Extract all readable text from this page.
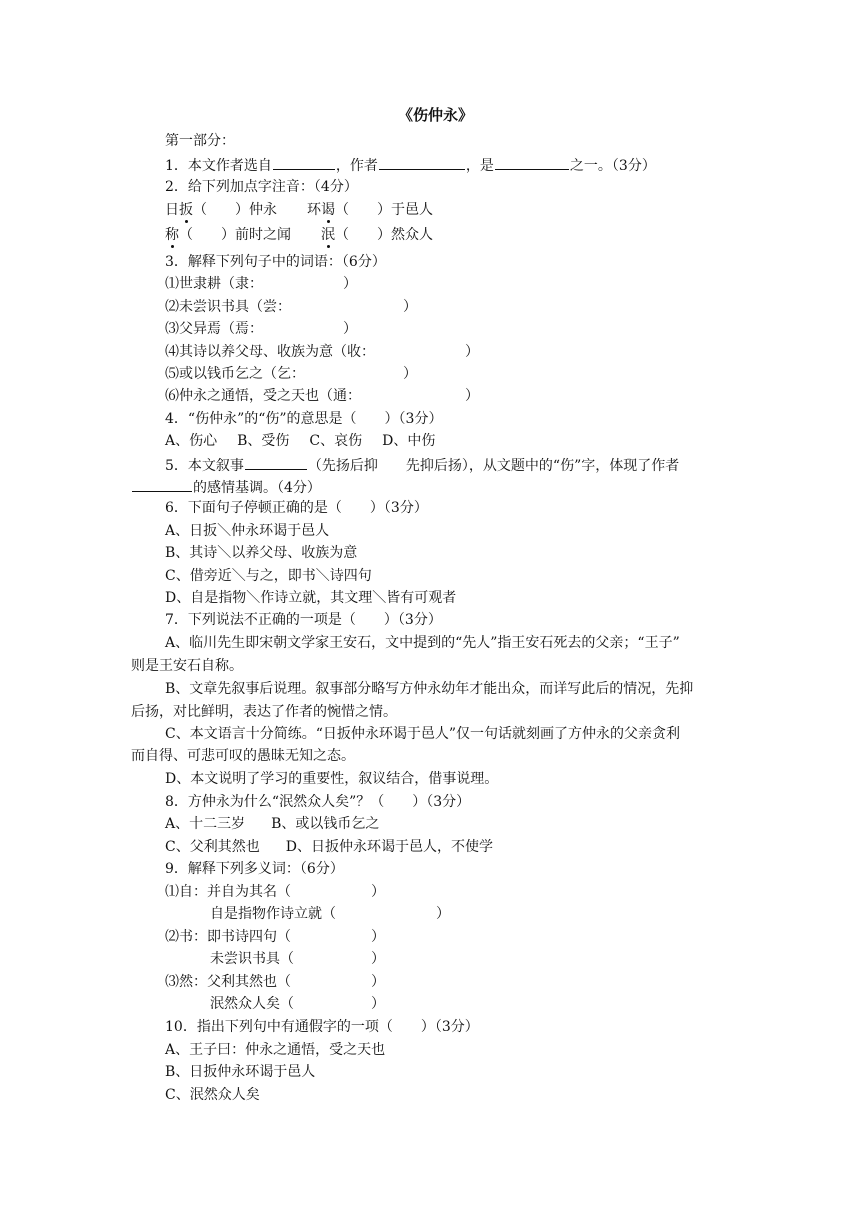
《伤仲永》
第一部分：
1．本文作者选自	，作者	，是	之一。（3分）
2．给下列加点字注音：（4分）
日扳（　　）仲永 环谒（　　）于邑人
称（　　）前时之闻 泯（　　）然众人
3．解释下列句子中的词语：（6分）
⑴世隶耕（隶：	）
⑵未尝识书具（尝：	）
⑶父异焉（焉：	）
⑷其诗以养父母、收族为意（收：	）
⑸或以钱币乞之（乞：	）
⑹仲永之通悟，受之天也（通：	）
4．“伤仲永”的“伤”的意思是（　　）（3分）
A、伤心 B、受伤 C、哀伤 D、中伤
5．本文叙事	（先扬后抑　　先抑后扬），从文题中的“伤”字，体现了作者
的感情基调。（4分）
6．下面句子停顿正确的是（　　）（3分）
A、日扳＼仲永环谒于邑人
B、其诗＼以养父母、收族为意
C、借旁近＼与之，即书＼诗四句
D、自是指物＼作诗立就，其文理＼皆有可观者
7．下列说法不正确的一项是（　　）（3分）
A、临川先生即宋朝文学家王安石，文中提到的“先人”指王安石死去的父亲；“王子”
则是王安石自称。
B、文章先叙事后说理。叙事部分略写方仲永幼年才能出众，而详写此后的情况，先抑
后扬，对比鲜明，表达了作者的惋惜之情。
C、本文语言十分简练。“日扳仲永环谒于邑人”仅一句话就刻画了方仲永的父亲贪利
而自得、可悲可叹的愚昧无知之态。
D、本文说明了学习的重要性，叙议结合，借事说理。
8．方仲永为什么“泯然众人矣”？（　　）（3分）
A、十二三岁 B、或以钱币乞之
C、父利其然也 D、日扳仲永环谒于邑人，不使学
9．解释下列多义词：（6分）
⑴自：并自为其名（	）
自是指物作诗立就（	）
⑵书：即书诗四句（	）
未尝识书具（	）
⑶然：父利其然也（	）
泯然众人矣（	）
10．指出下列句中有通假字的一项（　　）（3分）
A、王子曰：仲永之通悟，受之天也
B、日扳仲永环谒于邑人
C、泯然众人矣
